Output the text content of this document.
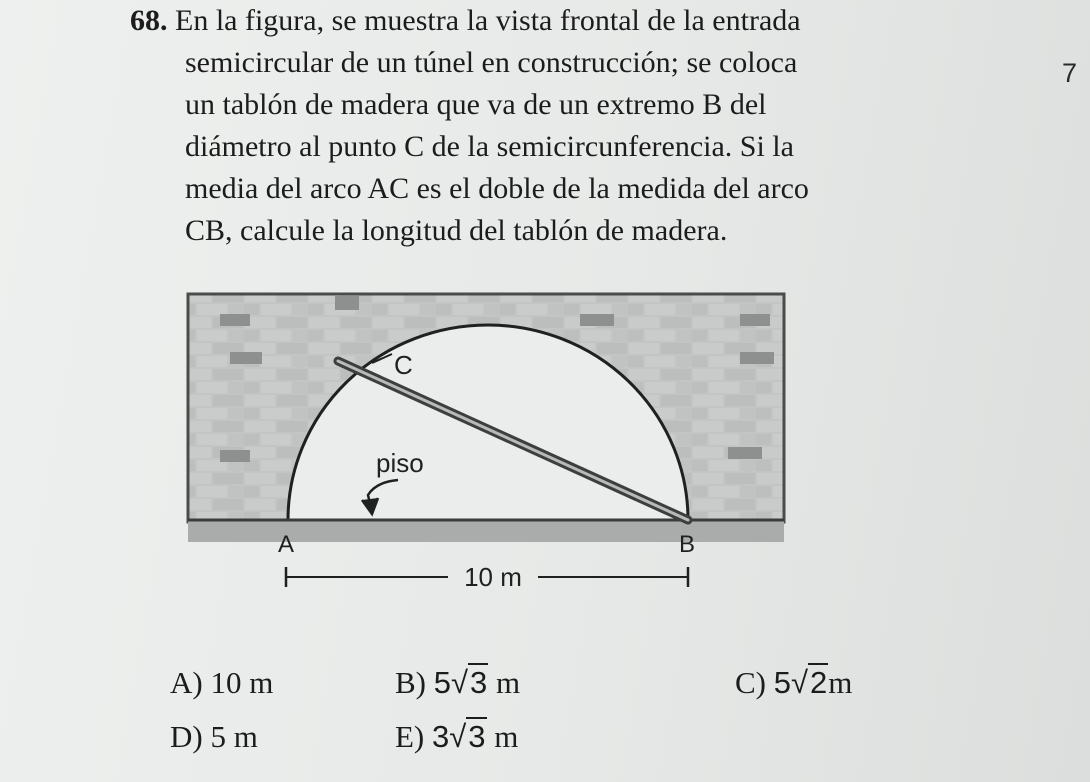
68. En la figura, se muestra la vista frontal de la entrada
semicircular de un túnel en construcción; se coloca
un tablón de madera que va de un extremo B del
diámetro al punto C de la semicircunferencia. Si la
media del arco AC es el doble de la medida del arco
CB, calcule la longitud del tablón de madera.
7
C
piso
A	B
10 m
A) 10 m	B) 5√3 m	C) 5√2m
D) 5 m	E) 3√3 m
